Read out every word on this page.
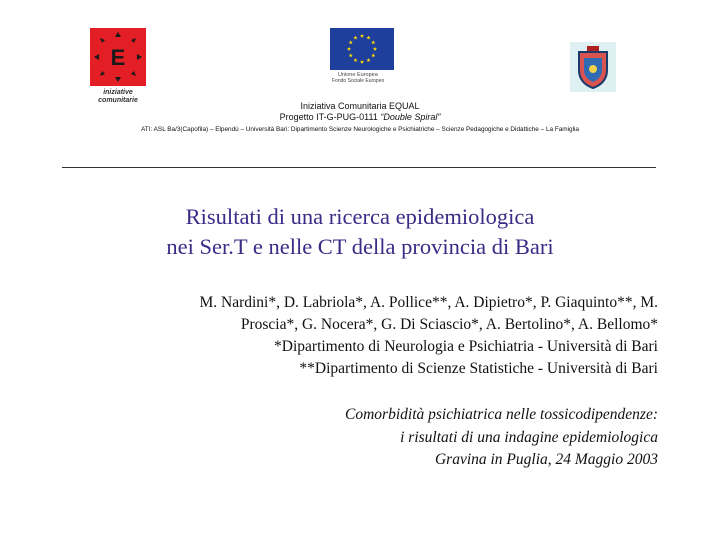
E
iniziative
comunitarie
Unione Europea
Fondo Sociale Europeo
Iniziativa Comunitaria EQUAL
Progetto IT-G-PUG-0111 “Double Spiral”
ATI: ASL Ba/3(Capofila) – Elpendù – Università Bari: Dipartimento Scienze Neurologiche e Psichiatriche – Scienze Pedagogiche e Didattiche – La Famiglia
Risultati di una ricerca epidemiologica
nei Ser.T e nelle CT della provincia di Bari
M. Nardini*, D. Labriola*, A. Pollice**, A. Dipietro*, P. Giaquinto**, M.
Proscia*, G. Nocera*, G. Di Sciascio*, A. Bertolino*, A. Bellomo*
*Dipartimento di Neurologia e Psichiatria - Università di Bari
**Dipartimento di Scienze Statistiche - Università di Bari
Comorbidità psichiatrica nelle tossicodipendenze:
i risultati di una indagine epidemiologica
Gravina in Puglia, 24 Maggio 2003
